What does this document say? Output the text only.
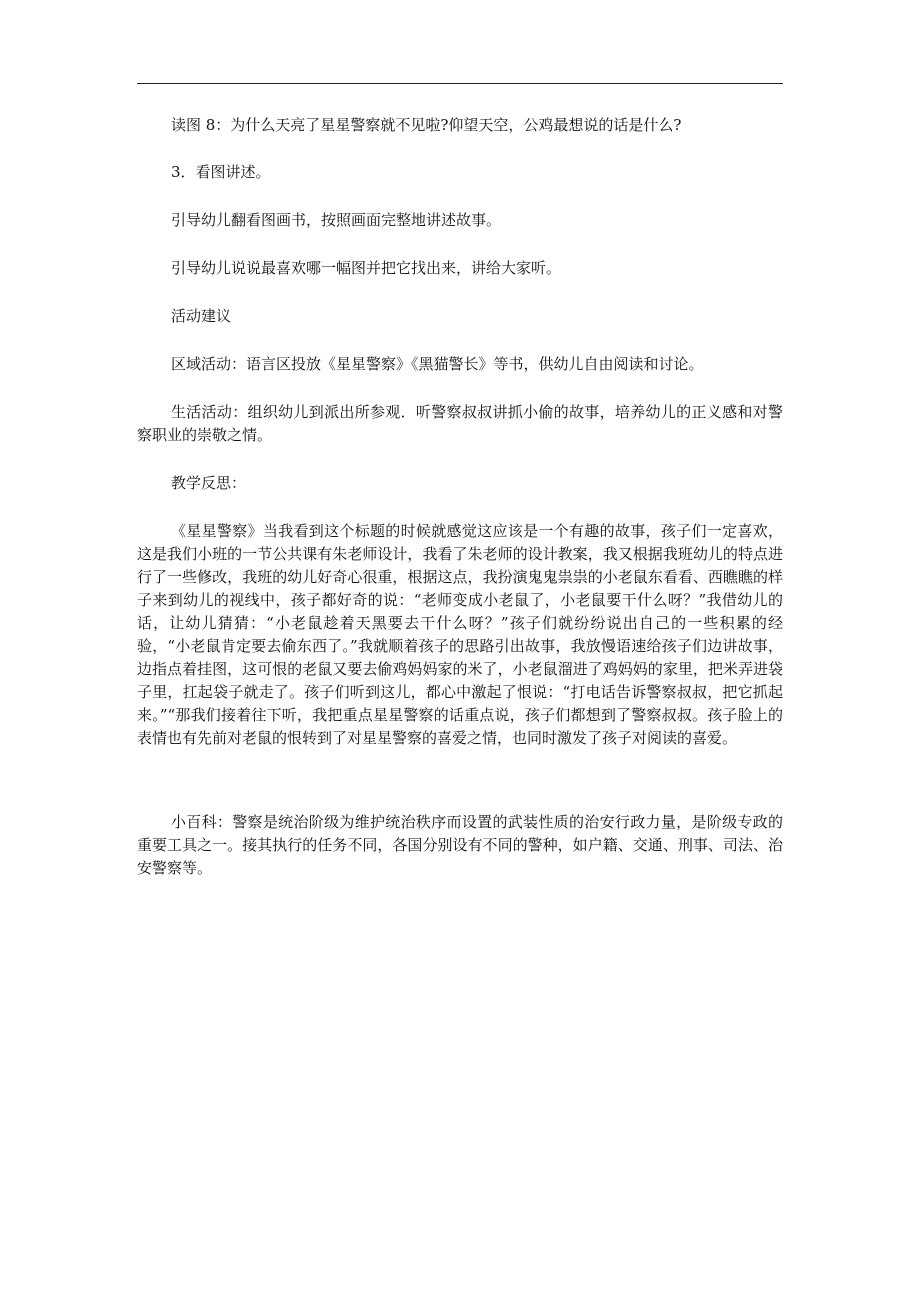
读图 8：为什么天亮了星星警察就不见啦?仰望天空，公鸡最想说的话是什么?

3．看图讲述。

引导幼儿翻看图画书，按照画面完整地讲述故事。

引导幼儿说说最喜欢哪一幅图并把它找出来，讲给大家听。

活动建议

区域活动：语言区投放《星星警察》《黑猫警长》等书，供幼儿自由阅读和讨论。

生活活动：组织幼儿到派出所参观．听警察叔叔讲抓小偷的故事，培养幼儿的正义感和对警察职业的崇敬之情。

教学反思：

《星星警察》当我看到这个标题的时候就感觉这应该是一个有趣的故事，孩子们一定喜欢，这是我们小班的一节公共课有朱老师设计，我看了朱老师的设计教案，我又根据我班幼儿的特点进行了一些修改，我班的幼儿好奇心很重，根据这点，我扮演鬼鬼祟祟的小老鼠东看看、西瞧瞧的样子来到幼儿的视线中，孩子都好奇的说：“老师变成小老鼠了，小老鼠要干什么呀？”我借幼儿的话，让幼儿猜猜：“小老鼠趁着天黑要去干什么呀？”孩子们就纷纷说出自己的一些积累的经验，“小老鼠肯定要去偷东西了。”我就顺着孩子的思路引出故事，我放慢语速给孩子们边讲故事，边指点着挂图，这可恨的老鼠又要去偷鸡妈妈家的米了，小老鼠溜进了鸡妈妈的家里，把米弄进袋子里，扛起袋子就走了。孩子们听到这儿，都心中激起了恨说：“打电话告诉警察叔叔，把它抓起来。”“那我们接着往下听，我把重点星星警察的话重点说，孩子们都想到了警察叔叔。孩子脸上的表情也有先前对老鼠的恨转到了对星星警察的喜爱之情，也同时激发了孩子对阅读的喜爱。

小百科：警察是统治阶级为维护统治秩序而设置的武装性质的治安行政力量，是阶级专政的重要工具之一。接其执行的任务不同，各国分别设有不同的警种，如户籍、交通、刑事、司法、治安警察等。
